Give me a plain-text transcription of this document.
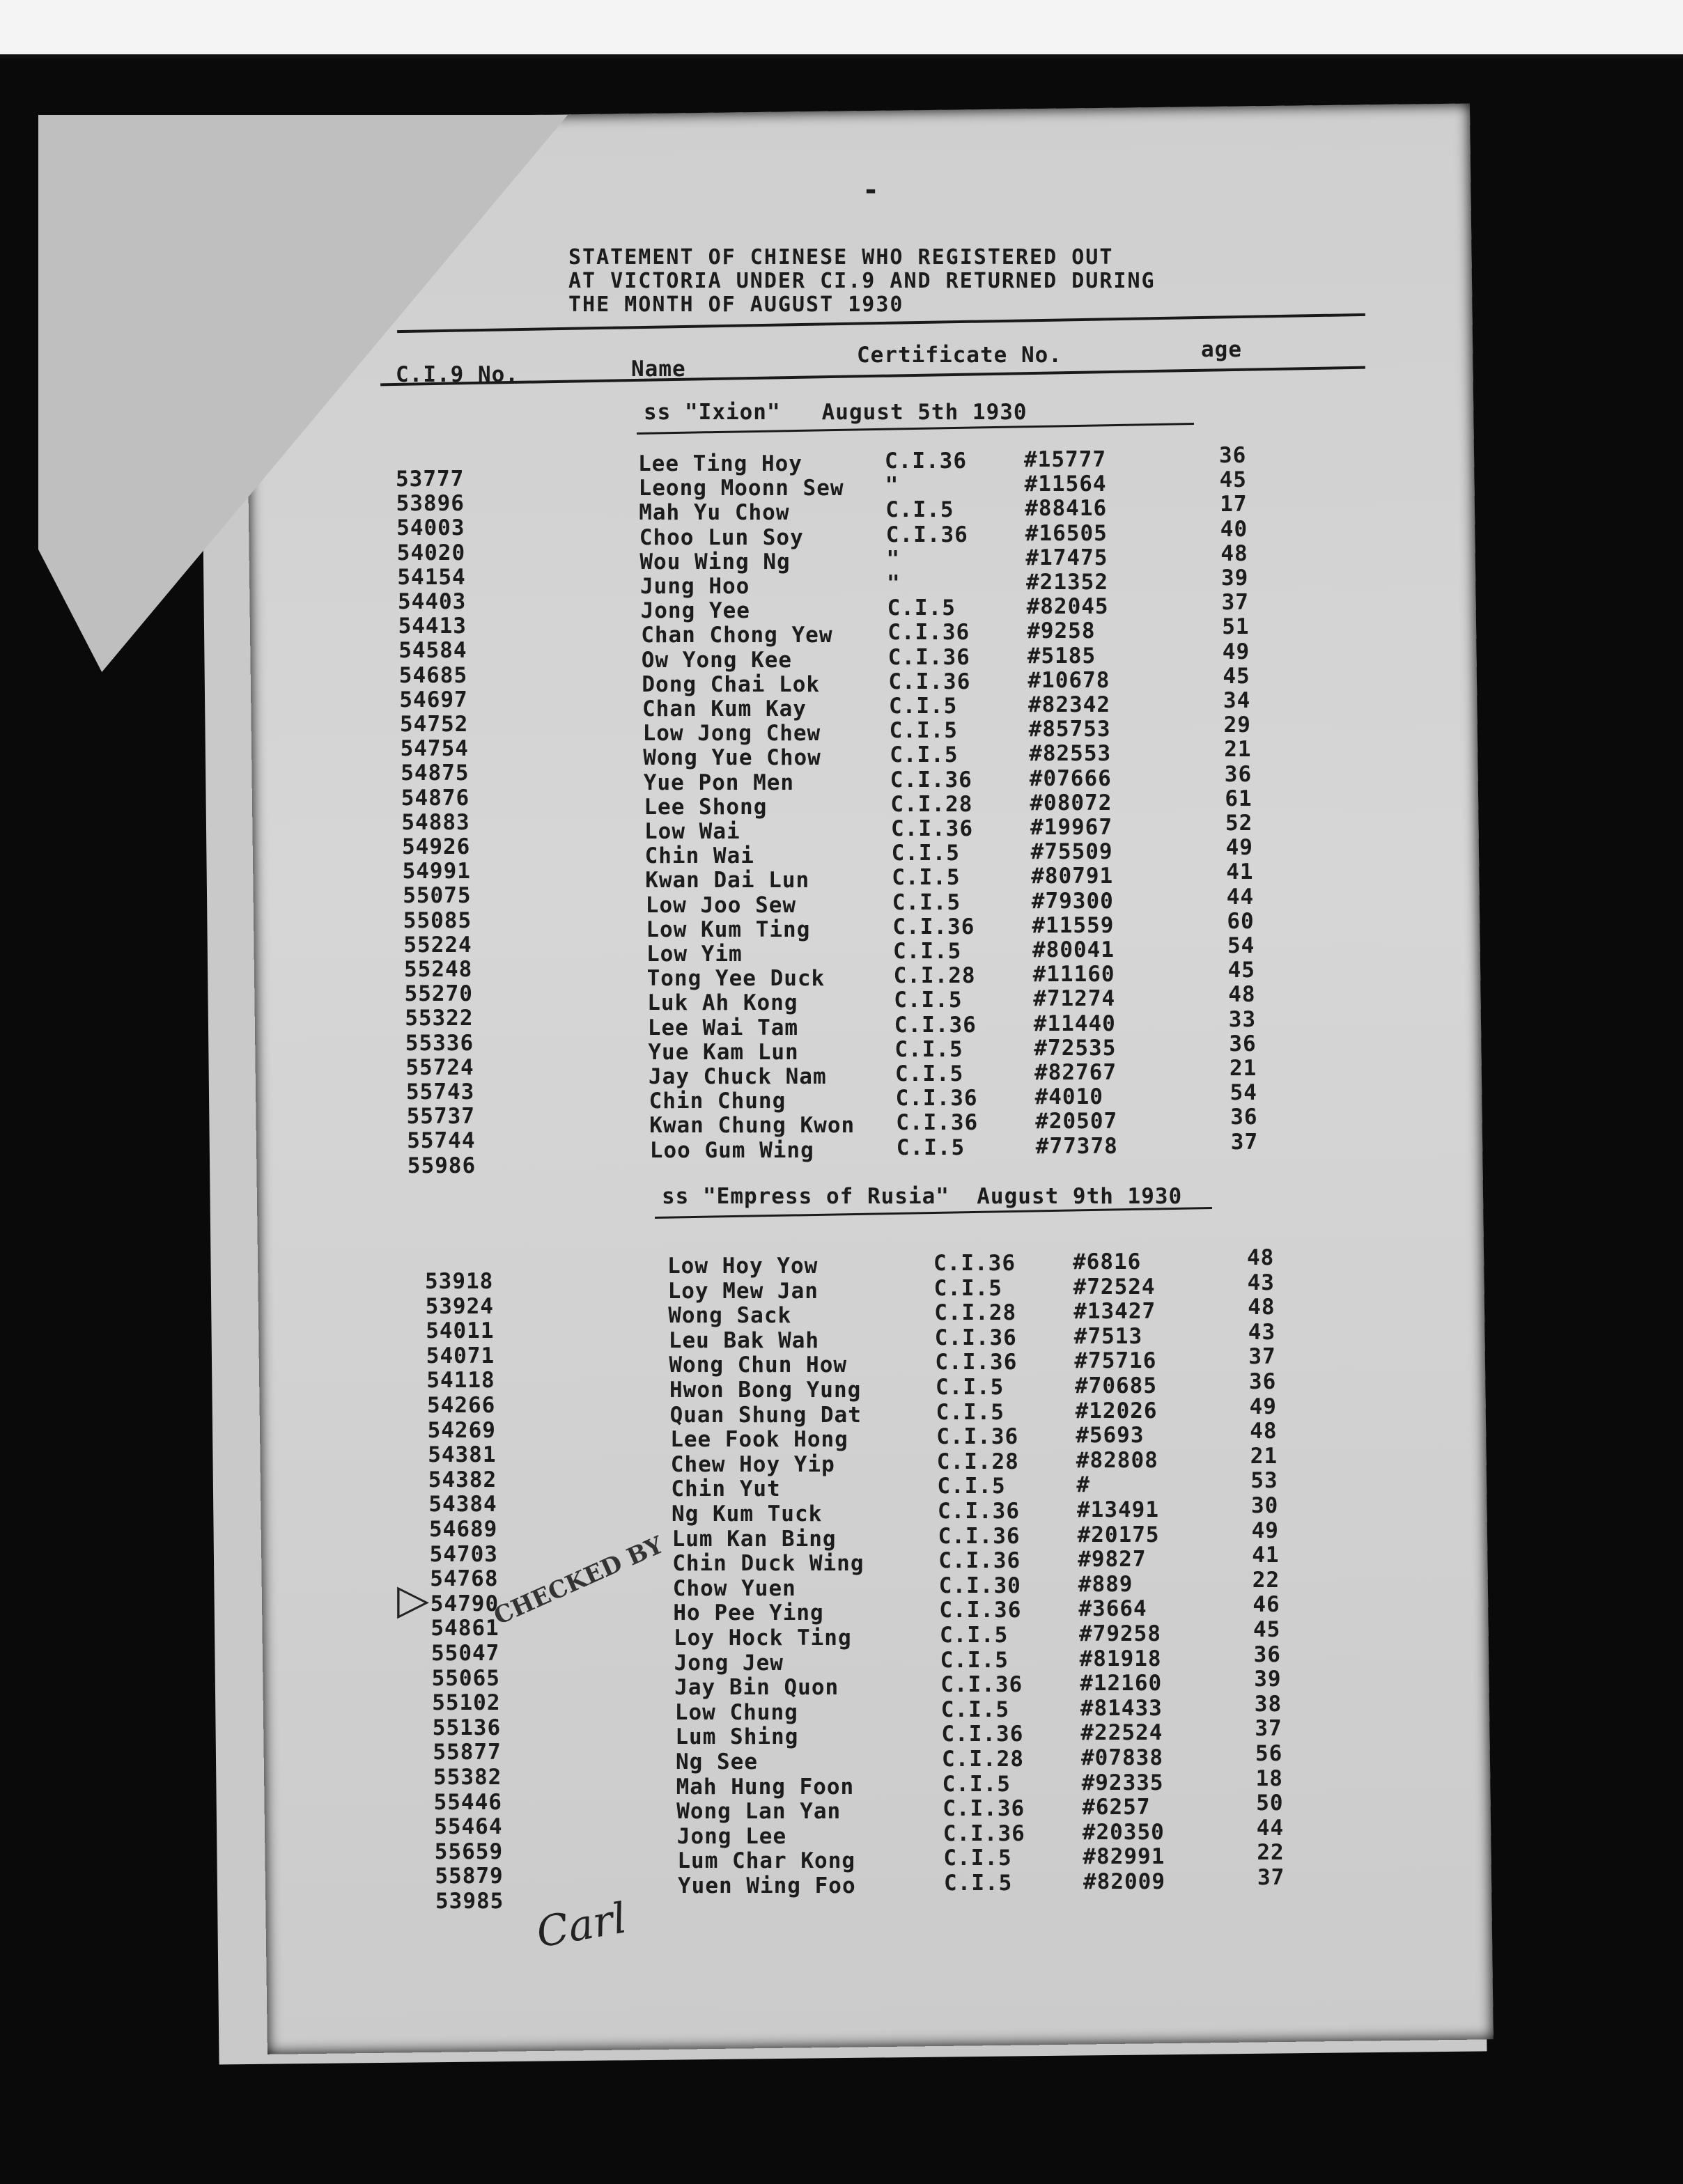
-
STATEMENT OF CHINESE WHO REGISTERED OUT
AT VICTORIA UNDER CI.9 AND RETURNED DURING
THE MONTH OF AUGUST 1930
C.I.9 No.	Name
Certificate No.	age
ss "Ixion"   August 5th 1930
53777
Lee Ting Hoy	C.I.36	#15777	36
53896
Leong Moonn Sew "	#11564	45
54003
Mah Yu Chow	C.I.5	#88416	17
54020
Choo Lun Soy	C.I.36	#16505	40
54154
Wou Wing Ng	"	#17475	48
54403
Jung Hoo	"	#21352	39
54413
Jong Yee	C.I.5	#82045	37
54584
Chan Chong Yew	C.I.36	#9258	51
54685
Ow Yong Kee	C.I.36	#5185	49
54697
Dong Chai Lok	C.I.36	#10678	45
54752
Chan Kum Kay	C.I.5	#82342	34
54754
Low Jong Chew	C.I.5	#85753	29
54875
Wong Yue Chow	C.I.5	#82553	21
54876
Yue Pon Men	C.I.36	#07666	36
54883
Lee Shong	C.I.28	#08072	61
54926
Low Wai	C.I.36	#19967	52
54991
Chin Wai	C.I.5	#75509	49
55075
Kwan Dai Lun	C.I.5	#80791	41
55085
Low Joo Sew	C.I.5	#79300	44
55224
Low Kum Ting	C.I.36	#11559	60
55248
Low Yim	C.I.5	#80041	54
55270
Tong Yee Duck	C.I.28	#11160	45
55322
Luk Ah Kong	C.I.5	#71274	48
55336
Lee Wai Tam	C.I.36	#11440	33
55724
Yue Kam Lun	C.I.5	#72535	36
55743
Jay Chuck Nam	C.I.5	#82767	21
55737
Chin Chung	C.I.36	#4010	54
55744
Kwan Chung Kwon C.I.36	#20507	36
55986
Loo Gum Wing	C.I.5	#77378	37
ss "Empress of Rusia"  August 9th 1930
53918
Low Hoy Yow	C.I.36	#6816	48
53924
Loy Mew Jan	C.I.5	#72524	43
54011
Wong Sack	C.I.28	#13427	48
54071
Leu Bak Wah	C.I.36	#7513	43
54118
Wong Chun How	C.I.36	#75716	37
54266
Hwon Bong Yung	C.I.5	#70685	36
54269
Quan Shung Dat	C.I.5	#12026	49
54381
Lee Fook Hong	C.I.36	#5693	48
54382
Chew Hoy Yip	C.I.28	#82808	21
54384
Chin Yut	C.I.5	#	53
54689
Ng Kum Tuck	C.I.36	#13491	30
54703
Lum Kan Bing	C.I.36	#20175	49
54768
Chin Duck Wing	C.I.36	#9827	41
54790
Chow Yuen	C.I.30	#889	22
54861
Ho Pee Ying	C.I.36	#3664	46
55047
Loy Hock Ting	C.I.5	#79258	45
55065
Jong Jew	C.I.5	#81918	36
55102
Jay Bin Quon	C.I.36	#12160	39
55136
Low Chung	C.I.5	#81433	38
55877
Lum Shing	C.I.36	#22524	37
55382
Ng See	C.I.28	#07838	56
55446
Mah Hung Foon	C.I.5	#92335	18
55464
Wong Lan Yan	C.I.36	#6257	50
55659
Jong Lee	C.I.36	#20350	44
55879
Lum Char Kong	C.I.5	#82991	22
53985
Yuen Wing Foo	C.I.5	#82009	37
CHECKED BY
Carl
▷
